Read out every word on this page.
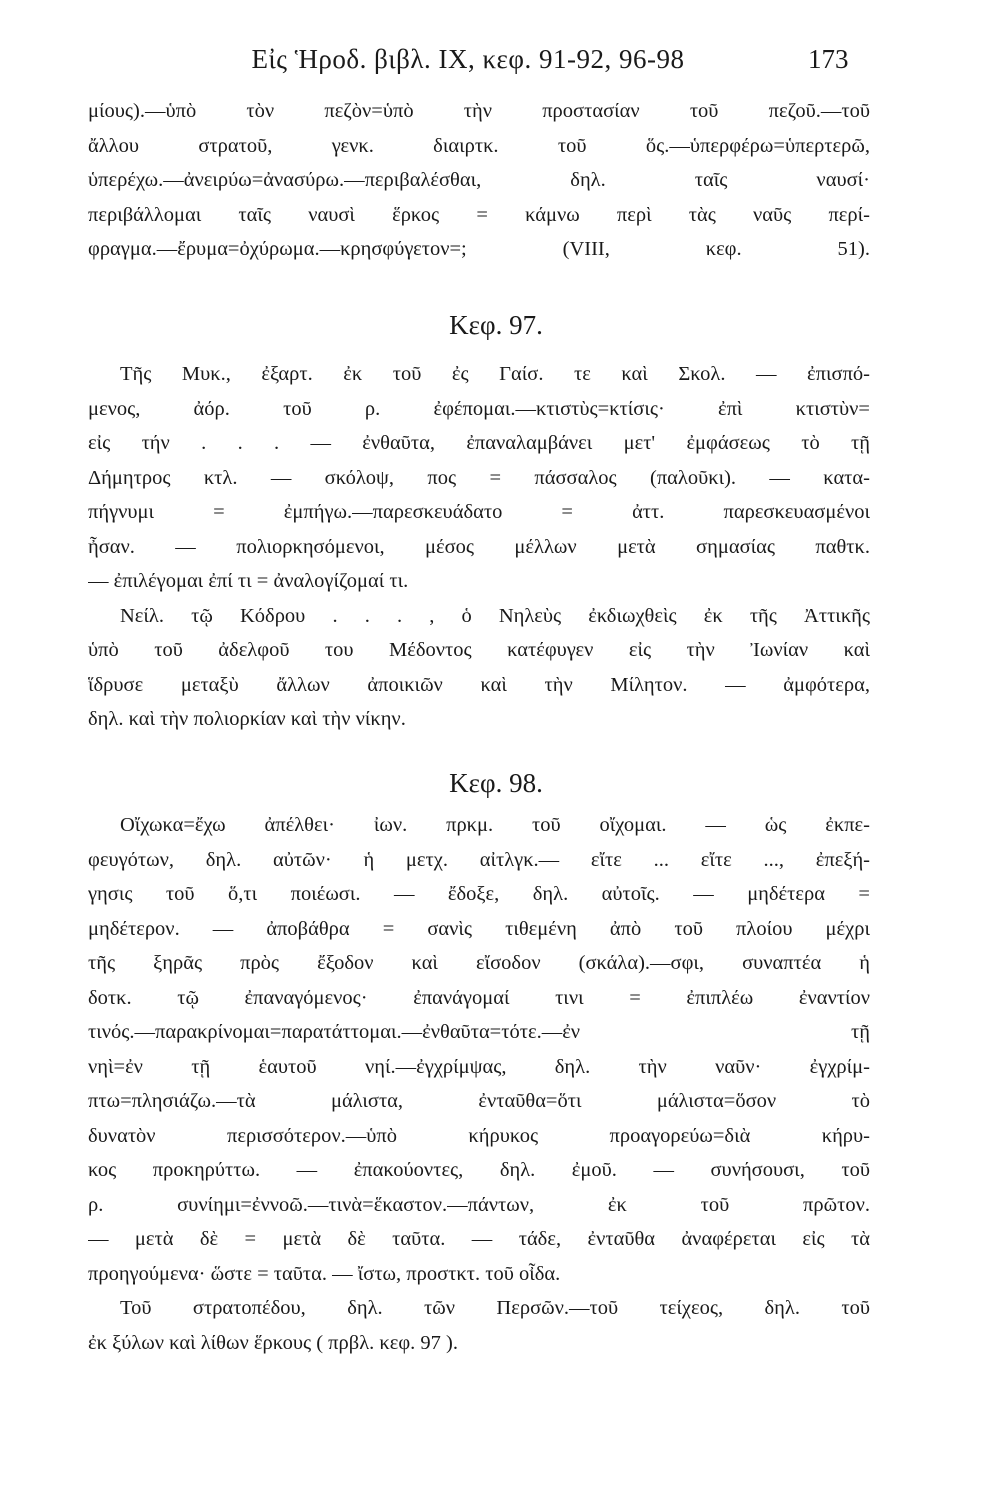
Εἰς Ἡροδ. βιβλ. IX, κεφ. 91-92, 96-98	173
μίους).—ὑπὸ τὸν πεζὸν=ὑπὸ τὴν προστασίαν τοῦ πεζοῦ.—τοῦ
ἄλλου στρατοῦ, γενκ. διαιρτκ. τοῦ ὅς.—ὑπερφέρω=ὑπερτερῶ,
ὑπερέχω.—ἀνειρύω=ἀνασύρω.—περιβαλέσθαι, δηλ. ταῖς ναυσί·
περιβάλλομαι ταῖς ναυσὶ ἕρκος = κάμνω περὶ τὰς ναῦς περί-
φραγμα.—ἔρυμα=ὀχύρωμα.—κρησφύγετον=; (VIII, κεφ. 51).
Κεφ. 97.
Τῆς Μυκ., ἐξαρτ. ἐκ τοῦ ἐς Γαίσ. τε καὶ Σκολ. — ἐπισπό-
μενος, ἀόρ. τοῦ ρ. ἐφέπομαι.—κτιστὺς=κτίσις· ἐπὶ κτιστὺν=
εἰς τήν . . . — ἐνθαῦτα, ἐπαναλαμβάνει μετ' ἐμφάσεως τὸ τῇ
Δήμητρος κτλ. — σκόλοψ, πος = πάσσαλος (παλοῦκι). — κατα-
πήγνυμι = ἐμπήγω.—παρεσκευάδατο = ἀττ. παρεσκευασμένοι
ἦσαν. — πολιορκησόμενοι, μέσος μέλλων μετὰ σημασίας παθτκ.
— ἐπιλέγομαι ἐπί τι = ἀναλογίζομαί τι.
Νείλ. τῷ Κόδρου . . . , ὁ Νηλεὺς ἐκδιωχθεὶς ἐκ τῆς Ἀττικῆς
ὑπὸ τοῦ ἀδελφοῦ του Μέδοντος κατέφυγεν εἰς τὴν Ἰωνίαν καὶ
ἵδρυσε μεταξὺ ἄλλων ἀποικιῶν καὶ τὴν Μίλητον. — ἀμφότερα,
δηλ. καὶ τὴν πολιορκίαν καὶ τὴν νίκην.
Κεφ. 98.
Οἴχωκα=ἔχω ἀπέλθει· ἰων. πρκμ. τοῦ οἴχομαι. — ὡς ἐκπε-
φευγότων, δηλ. αὐτῶν· ἡ μετχ. αἰτλγκ.— εἴτε ... εἴτε ..., ἐπεξή-
γησις τοῦ ὅ,τι ποιέωσι. — ἔδοξε, δηλ. αὐτοῖς. — μηδέτερα =
μηδέτερον. — ἀποβάθρα = σανὶς τιθεμένη ἀπὸ τοῦ πλοίου μέχρι
τῆς ξηρᾶς πρὸς ἔξοδον καὶ εἴσοδον (σκάλα).—σφι, συναπτέα ἡ
δοτκ. τῷ ἐπαναγόμενος· ἐπανάγομαί τινι = ἐπιπλέω ἐναντίον
τινός.—παρακρίνομαι=παρατάττομαι.—ἐνθαῦτα=τότε.—ἐν τῇ
νηὶ=ἐν τῇ ἑαυτοῦ νηί.—ἐγχρίμψας, δηλ. τὴν ναῦν· ἐγχρίμ-
πτω=πλησιάζω.—τὰ μάλιστα, ἐνταῦθα=ὅτι μάλιστα=ὅσον τὸ
δυνατὸν περισσότερον.—ὑπὸ κήρυκος προαγορεύω=διὰ κήρυ-
κος προκηρύττω. — ἐπακούοντες, δηλ. ἐμοῦ. — συνήσουσι, τοῦ
ρ. συνίημι=ἐννοῶ.—τινὰ=ἕκαστον.—πάντων, ἐκ τοῦ πρῶτον.
— μετὰ δὲ = μετὰ δὲ ταῦτα. — τάδε, ἐνταῦθα ἀναφέρεται εἰς τὰ
προηγούμενα· ὥστε = ταῦτα. — ἴστω, προστκτ. τοῦ οἶδα.
Τοῦ στρατοπέδου, δηλ. τῶν Περσῶν.—τοῦ τείχεος, δηλ. τοῦ
ἐκ ξύλων καὶ λίθων ἕρκους ( πρβλ. κεφ. 97 ).
